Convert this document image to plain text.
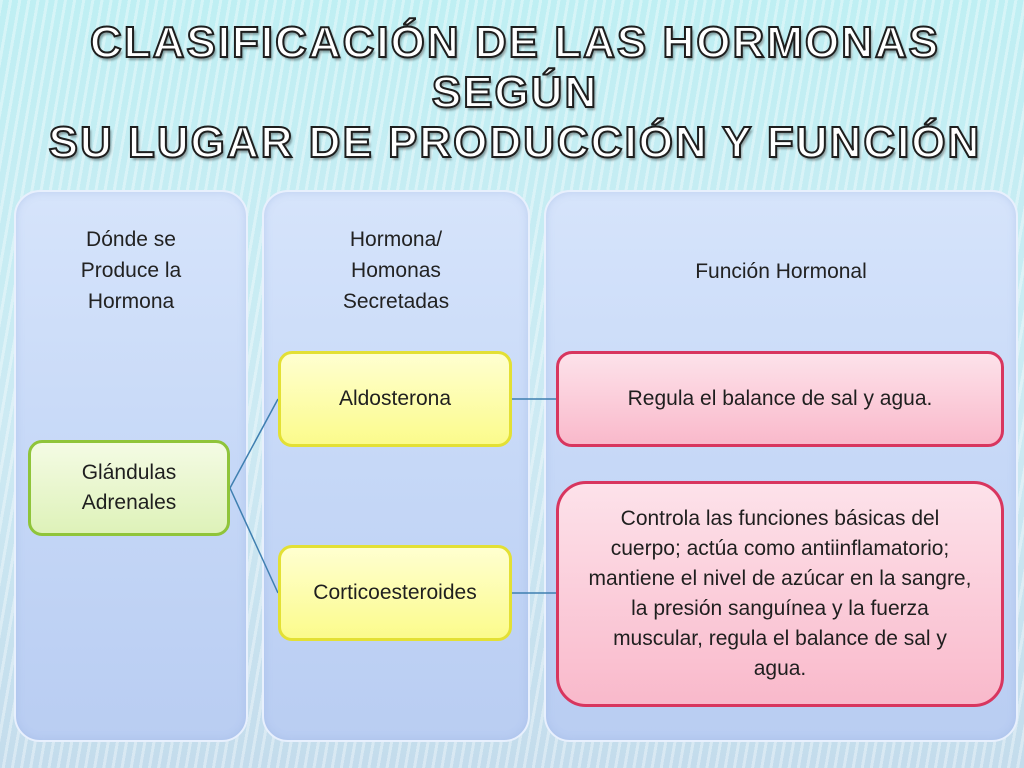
CLASIFICACIÓN DE LAS HORMONAS SEGÚN
SU LUGAR DE PRODUCCIÓN Y FUNCIÓN
Dónde se Produce la Hormona
Hormona/ Homonas Secretadas
Función Hormonal
Glándulas Adrenales
Aldosterona
Corticoesteroides
Regula el balance de sal y agua.
Controla las funciones básicas del cuerpo; actúa como antiinflamatorio; mantiene el nivel de azúcar en la sangre, la presión sanguínea y la fuerza muscular, regula el balance de sal y agua.
